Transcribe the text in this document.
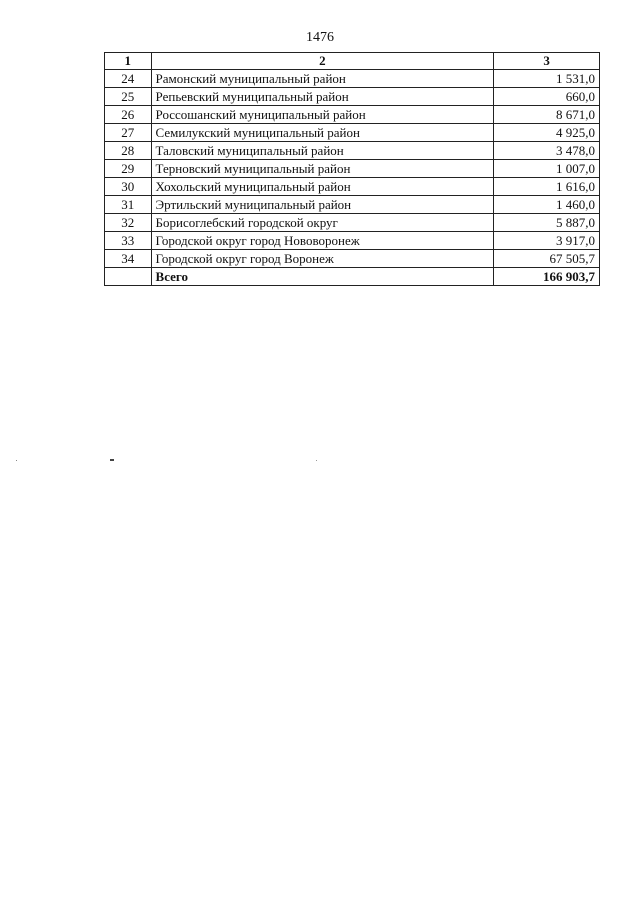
1476
1	2	3
24	Рамонский муниципальный район	1 531,0
25	Репьевский муниципальный район	660,0
26	Россошанский муниципальный район	8 671,0
27	Семилукский муниципальный район	4 925,0
28	Таловский муниципальный район	3 478,0
29	Терновский муниципальный район	1 007,0
30	Хохольский муниципальный район	1 616,0
31	Эртильский муниципальный район	1 460,0
32	Борисоглебский городской округ	5 887,0
33	Городской округ город Нововоронеж	3 917,0
34	Городской округ город Воронеж	67 505,7
	Всего	166 903,7
